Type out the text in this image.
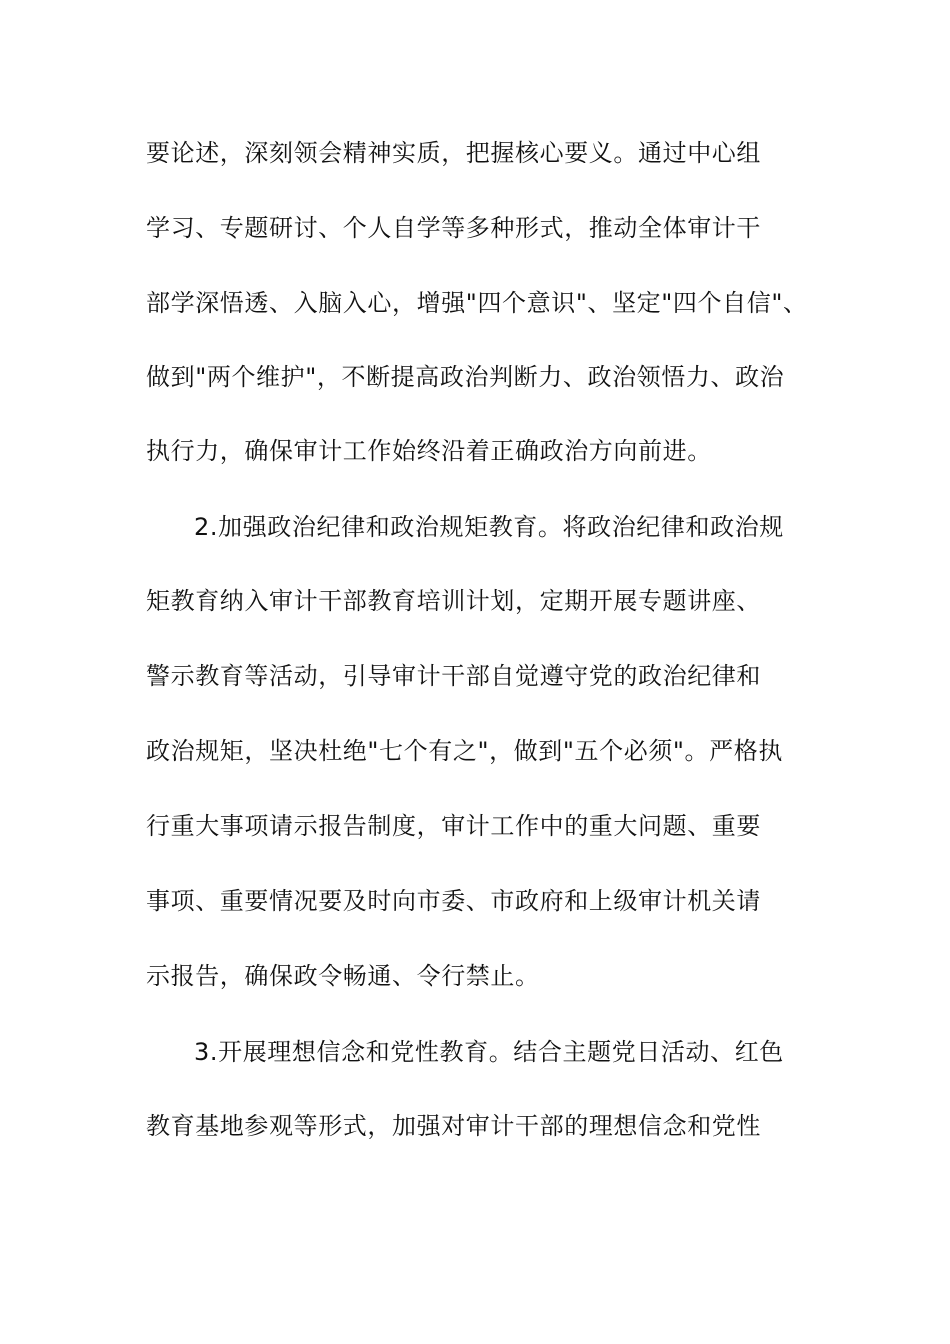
要论述，深刻领会精神实质，把握核心要义。通过中心组
学习、专题研讨、个人自学等多种形式，推动全体审计干
部学深悟透、入脑入心，增强"四个意识"、坚定"四个自信"、
做到"两个维护"，不断提高政治判断力、政治领悟力、政治
执行力，确保审计工作始终沿着正确政治方向前进。
2.加强政治纪律和政治规矩教育。将政治纪律和政治规
矩教育纳入审计干部教育培训计划，定期开展专题讲座、
警示教育等活动，引导审计干部自觉遵守党的政治纪律和
政治规矩，坚决杜绝"七个有之"，做到"五个必须"。严格执
行重大事项请示报告制度，审计工作中的重大问题、重要
事项、重要情况要及时向市委、市政府和上级审计机关请
示报告，确保政令畅通、令行禁止。
3.开展理想信念和党性教育。结合主题党日活动、红色
教育基地参观等形式，加强对审计干部的理想信念和党性
